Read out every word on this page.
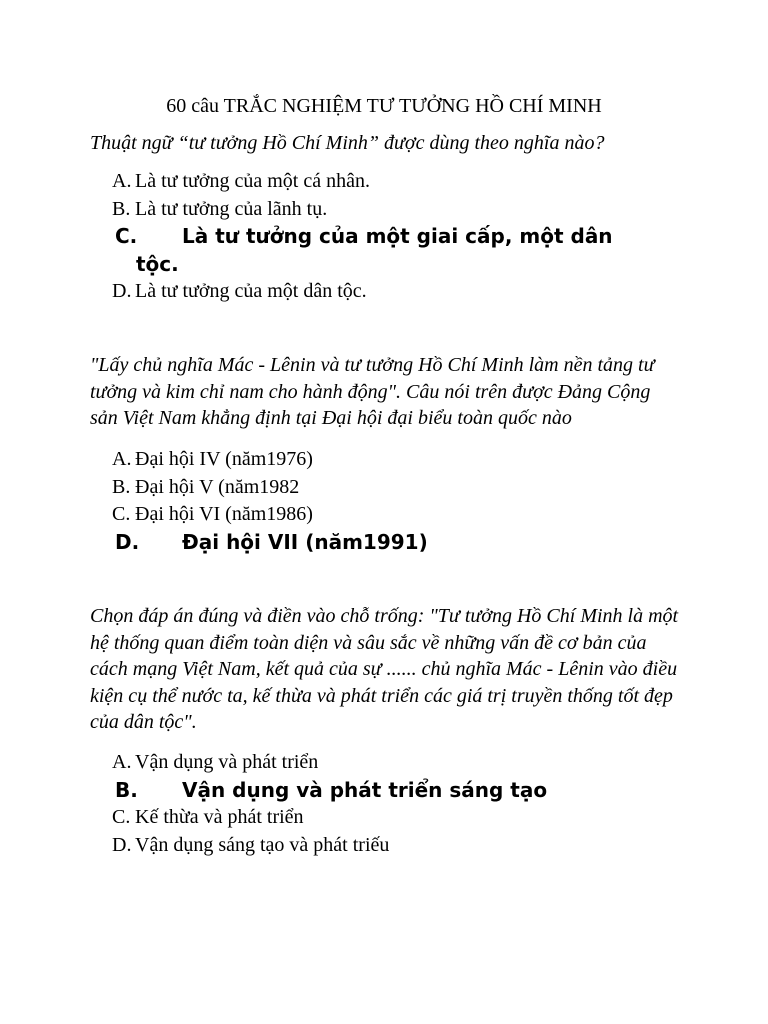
60 câu TRẮC NGHIỆM TƯ TƯỞNG HỒ CHÍ MINH
Thuật ngữ “tư tưởng Hồ Chí Minh” được dùng theo nghĩa nào?
A. Là tư tưởng của một cá nhân.
B. Là tư tưởng của lãnh tụ.
C. Là tư tưởng của một giai cấp, một dân
tộc.
D. Là tư tưởng của một dân tộc.
"Lấy chủ nghĩa Mác - Lênin và tư tưởng Hồ Chí Minh làm nền tảng tư tưởng và kim chỉ nam cho hành động". Câu nói trên được Đảng Cộng sản Việt Nam khẳng định tại Đại hội đại biểu toàn quốc nào
A. Đại hội IV (năm1976)
B. Đại hội V (năm1982
C. Đại hội VI (năm1986)
D. Đại hội VII (năm1991)
Chọn đáp án đúng và điền vào chỗ trống: "Tư tưởng Hồ Chí Minh là một hệ thống quan điểm toàn diện và sâu sắc về những vấn đề cơ bản của cách mạng Việt Nam, kết quả của sự ...... chủ nghĩa Mác - Lênin vào điều kiện cụ thể nước ta, kế thừa và phát triển các giá trị truyền thống tốt đẹp của dân tộc".
A. Vận dụng và phát triển
B. Vận dụng và phát triển sáng tạo
C. Kế thừa và phát triển
D. Vận dụng sáng tạo và phát triếu
